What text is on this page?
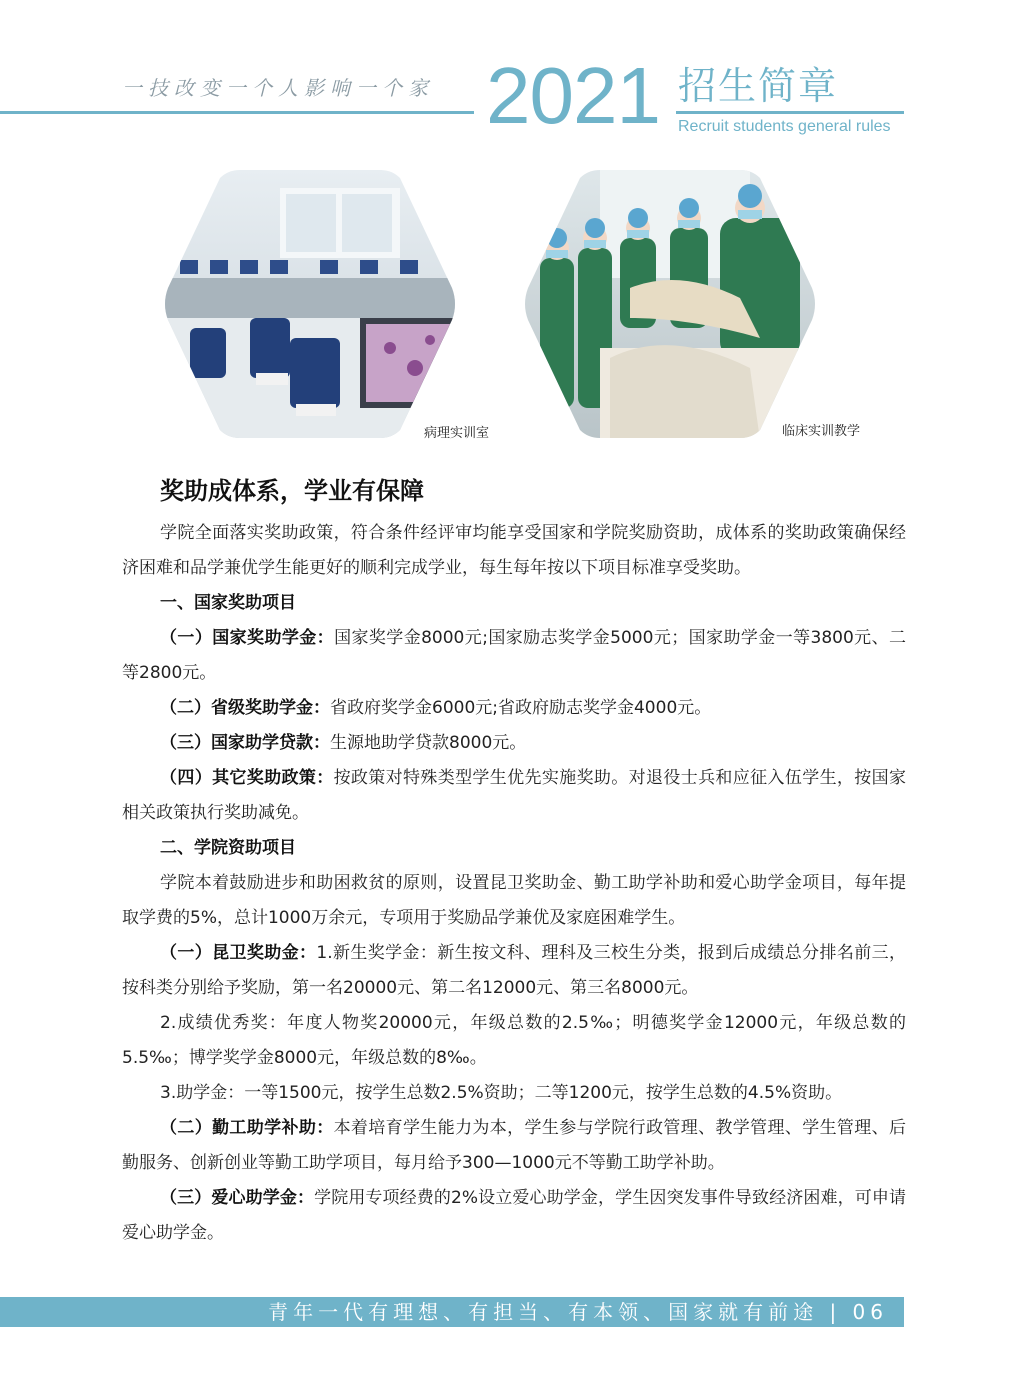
一技改变一个人影响一个家 2021 招生简章
Recruit students general rules
病理实训室	临床实训教学
奖助成体系，学业有保障

学院全面落实奖助政策，符合条件经评审均能享受国家和学院奖励资助，成体系的奖助政策确保经济困难和品学兼优学生能更好的顺利完成学业，每生每年按以下项目标准享受奖助。

一、国家奖助项目

（一）国家奖助学金：国家奖学金8000元;国家励志奖学金5000元；国家助学金一等3800元、二等2800元。

（二）省级奖助学金：省政府奖学金6000元;省政府励志奖学金4000元。

（三）国家助学贷款：生源地助学贷款8000元。

（四）其它奖助政策：按政策对特殊类型学生优先实施奖助。对退役士兵和应征入伍学生，按国家相关政策执行奖助减免。

二、学院资助项目

学院本着鼓励进步和助困救贫的原则，设置昆卫奖助金、勤工助学补助和爱心助学金项目，每年提取学费的5%，总计1000万余元，专项用于奖励品学兼优及家庭困难学生。

（一）昆卫奖助金：1.新生奖学金：新生按文科、理科及三校生分类，报到后成绩总分排名前三，按科类分别给予奖励，第一名20000元、第二名12000元、第三名8000元。

2.成绩优秀奖：年度人物奖20000元，年级总数的2.5‰；明德奖学金12000元，年级总数的5.5‰；博学奖学金8000元，年级总数的8‰。

3.助学金：一等1500元，按学生总数2.5%资助；二等1200元，按学生总数的4.5%资助。

（二）勤工助学补助：本着培育学生能力为本，学生参与学院行政管理、教学管理、学生管理、后勤服务、创新创业等勤工助学项目，每月给予300—1000元不等勤工助学补助。

（三）爱心助学金：学院用专项经费的2%设立爱心助学金，学生因突发事件导致经济困难，可申请爱心助学金。

青年一代有理想、有担当、有本领、国家就有前途 | 06
